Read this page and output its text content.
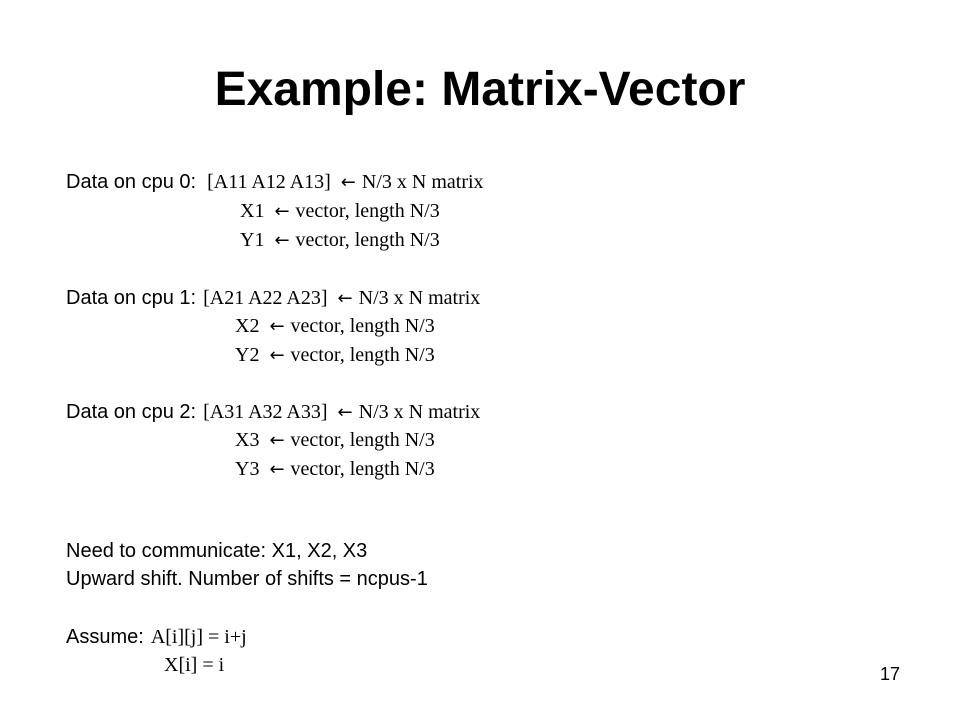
Example: Matrix-Vector
Data on cpu 0: [A11 A12 A13] ← N/3 x N matrix
X1 ← vector, length N/3
Y1 ← vector, length N/3
Data on cpu 1: [A21 A22 A23] ← N/3 x N matrix
X2 ← vector, length N/3
Y2 ← vector, length N/3
Data on cpu 2: [A31 A32 A33] ← N/3 x N matrix
X3 ← vector, length N/3
Y3 ← vector, length N/3
Need to communicate: X1, X2, X3
Upward shift. Number of shifts = ncpus-1
Assume: A[i][j] = i+j
X[i] = i	17
